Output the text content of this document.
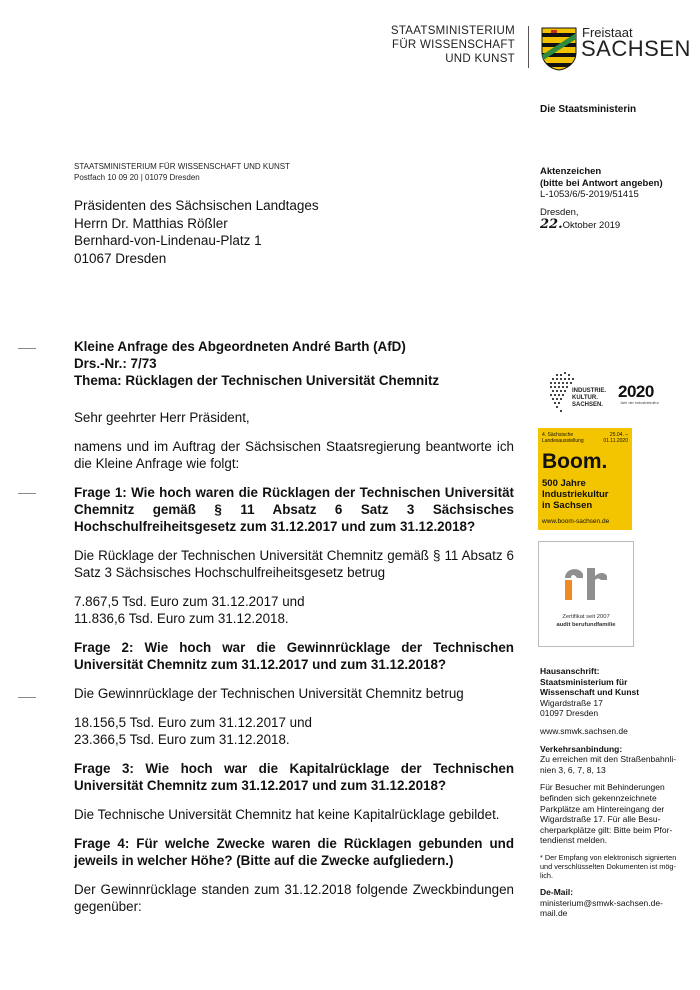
STAATSMINISTERIUM
FÜR WISSENSCHAFT
UND KUNST
Freistaat
SACHSEN
Die Staatsministerin
STAATSMINISTERIUM FÜR WISSENSCHAFT UND KUNST
Postfach 10 09 20 | 01079 Dresden
Präsidenten des Sächsischen Landtages
Herrn Dr. Matthias Rößler
Bernhard-von-Lindenau-Platz 1
01067 Dresden
Aktenzeichen
(bitte bei Antwort angeben)
L-1053/6/5-2019/51415
Dresden,
22.Oktober 2019

Kleine Anfrage des Abgeordneten André Barth (AfD)

Drs.-Nr.: 7/73

Thema: Rücklagen der Technischen Universität Chemnitz

Sehr geehrter Herr Präsident,

namens und im Auftrag der Sächsischen Staatsregierung beantworte ich die Kleine Anfrage wie folgt:

Frage 1: Wie hoch waren die Rücklagen der Technischen Universität Chemnitz gemäß § 11 Absatz 6 Satz 3 Sächsisches Hochschulfreiheitsgesetz zum 31.12.2017 und zum 31.12.2018?

Die Rücklage der Technischen Universität Chemnitz gemäß § 11 Absatz 6 Satz 3 Sächsisches Hochschulfreiheitsgesetz betrug

7.867,5 Tsd. Euro zum 31.12.2017 und

11.836,6 Tsd. Euro zum 31.12.2018.

Frage 2: Wie hoch war die Gewinnrücklage der Technischen Universität Chemnitz zum 31.12.2017 und zum 31.12.2018?

Die Gewinnrücklage der Technischen Universität Chemnitz betrug

18.156,5 Tsd. Euro zum 31.12.2017 und

23.366,5 Tsd. Euro zum 31.12.2018.

Frage 3: Wie hoch war die Kapitalrücklage der Technischen Universität Chemnitz zum 31.12.2017 und zum 31.12.2018?

Die Technische Universität Chemnitz hat keine Kapitalrücklage gebildet.

Frage 4: Für welche Zwecke waren die Rücklagen gebunden und jeweils in welcher Höhe? (Bitte auf die Zwecke aufgliedern.)

Der Gewinnrücklage standen zum 31.12.2018 folgende Zweckbindungen gegenüber:

INDUSTRIE.
KULTUR.
SACHSEN.
2020
Jahr der Industriekultur
4. Sächsische Landesausstellung
25.04. –
01.11.2020
Boom.
500 Jahre
Industriekultur
in Sachsen
www.boom-sachsen.de
Zertifikat seit 2007
audit berufundfamilie
Hausanschrift:
Staatsministerium für
Wissenschaft und Kunst
Wigardstraße 17
01097 Dresden
www.smwk.sachsen.de
Verkehrsanbindung:
Zu erreichen mit den Straßenbahnli-
nien 3, 6, 7, 8, 13
Für Besucher mit Behinderungen
befinden sich gekennzeichnete
Parkplätze am Hintereingang der
Wigardstraße 17. Für alle Besu-
cherparkplätze gilt: Bitte beim Pfor-
tendienst melden.
* Der Empfang von elektronisch signierten
und verschlüsselten Dokumenten ist mög-
lich.
De-Mail:
ministerium@smwk-sachsen.de-mail.de
